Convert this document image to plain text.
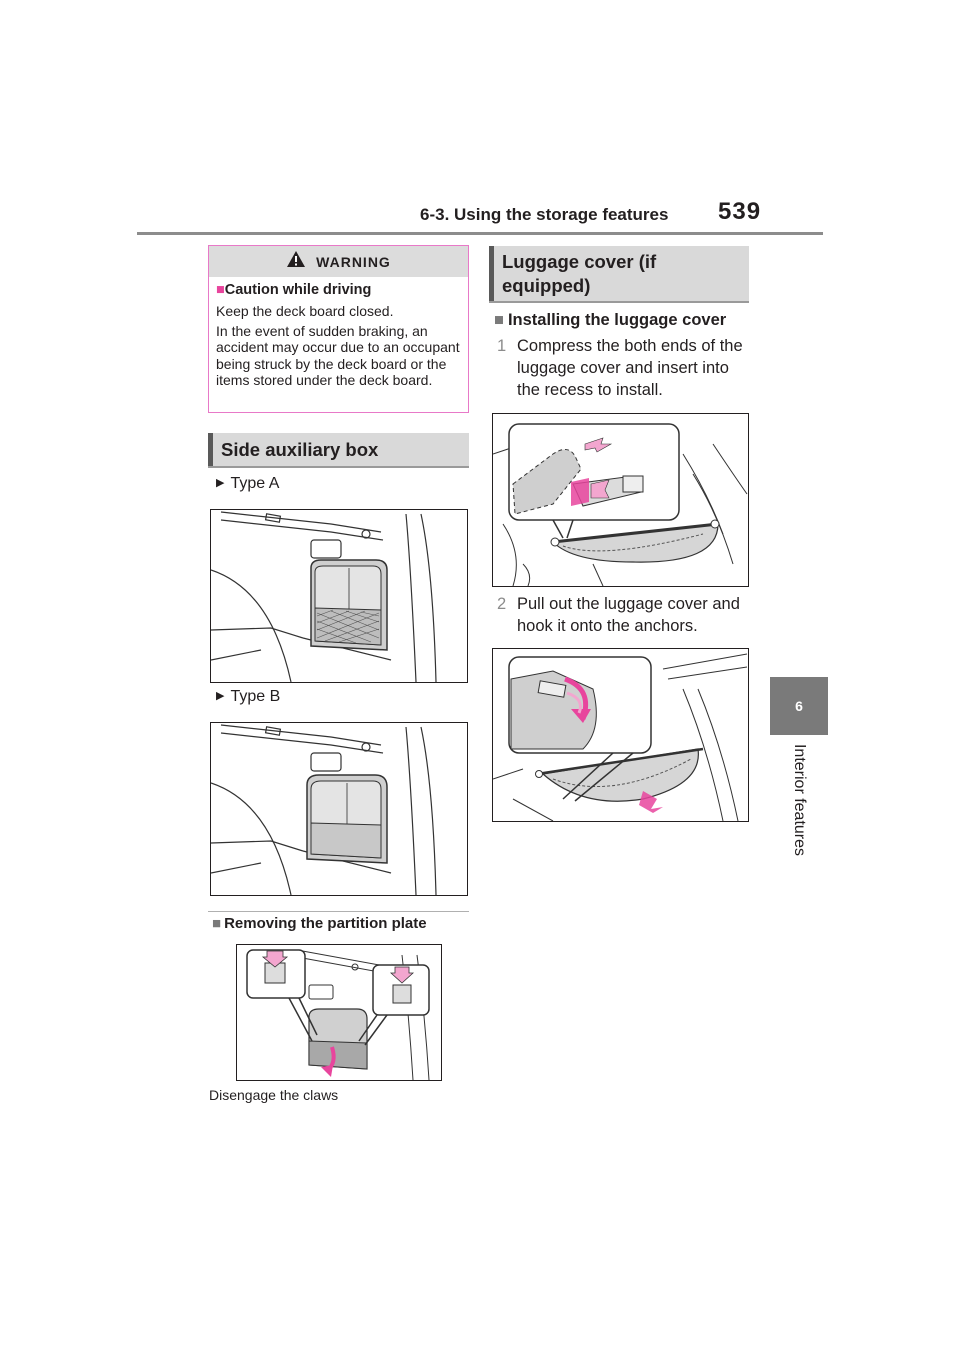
6-3. Using the storage features 539
6
Interior features
WARNING
■Caution while driving

Keep the deck board closed.

In the event of sudden braking, an accident may occur due to an occupant being struck by the deck board or the items stored under the deck board.

Side auxiliary box
▶ Type A
▶ Type B
■ Removing the partition plate
Disengage the claws
Luggage cover (if equipped)
■ Installing the luggage cover
1 Compress the both ends of the luggage cover and insert into the recess to install.
2 Pull out the luggage cover and hook it onto the anchors.
